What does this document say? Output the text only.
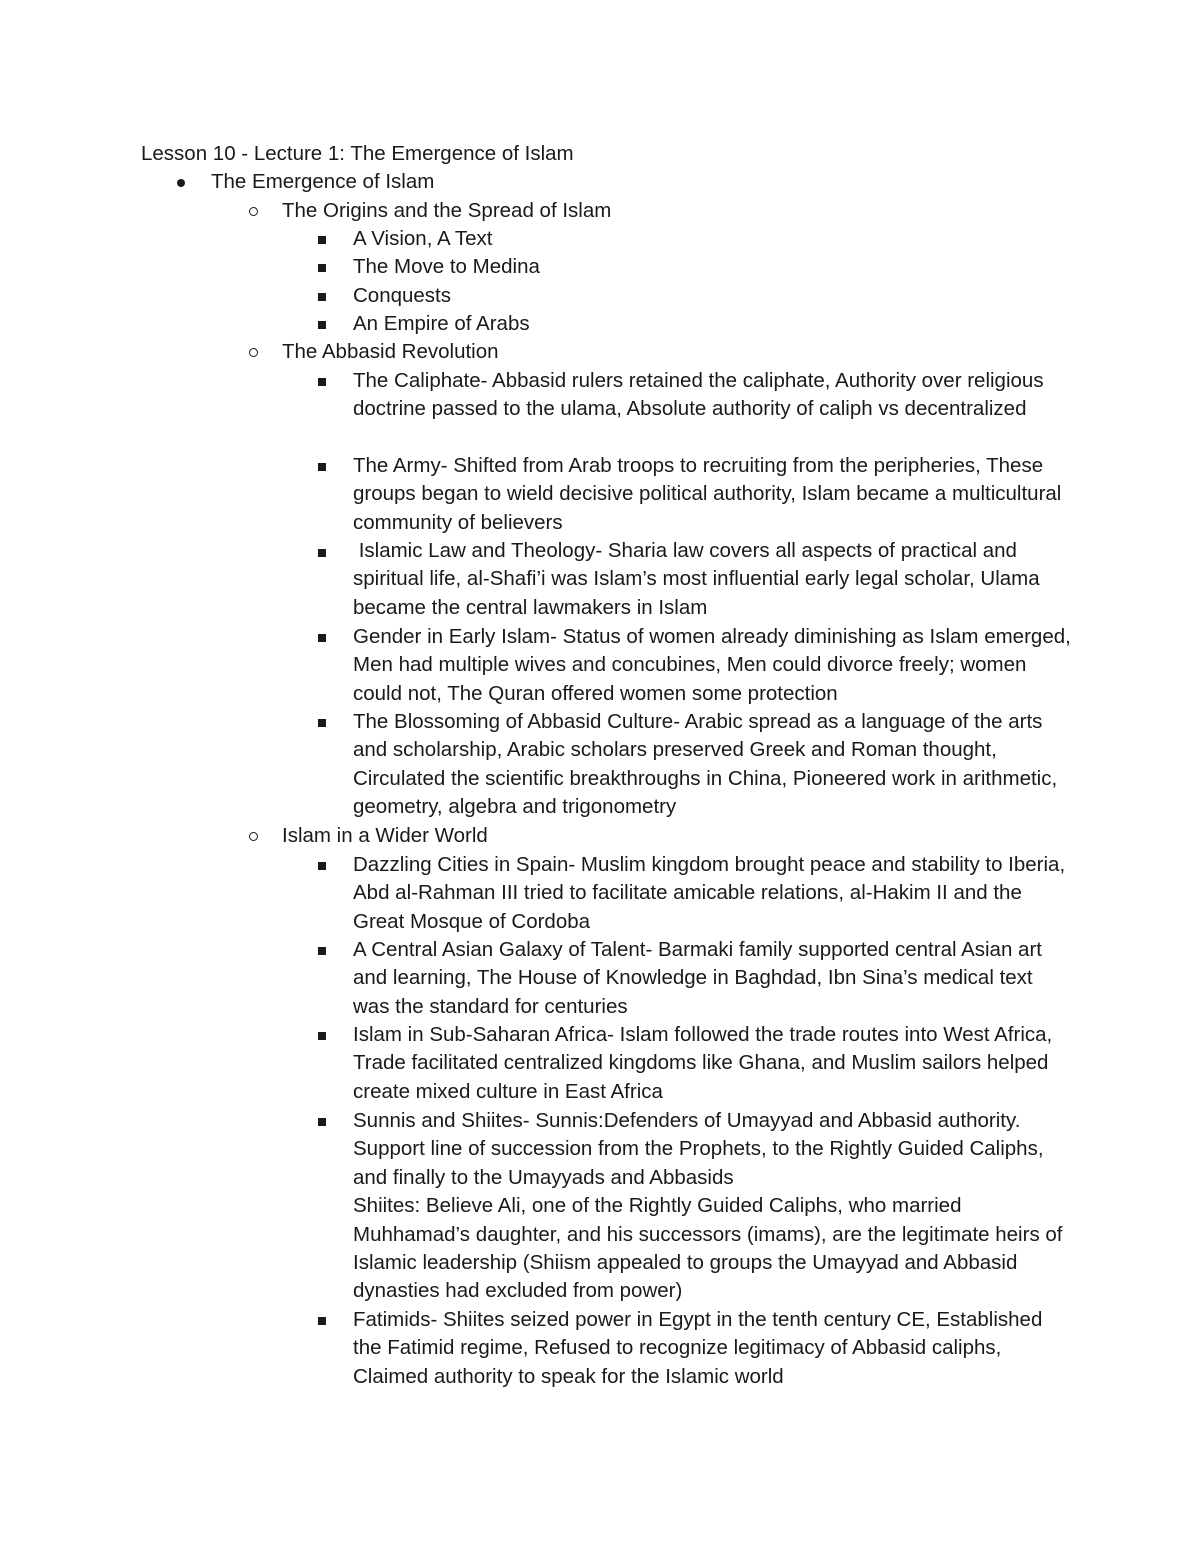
Lesson 10 - Lecture 1: The Emergence of Islam
The Emergence of Islam
The Origins and the Spread of Islam
A Vision, A Text
The Move to Medina
Conquests
An Empire of Arabs
The Abbasid Revolution
The Caliphate- Abbasid rulers retained the caliphate, Authority over religious doctrine passed to the ulama, Absolute authority of caliph vs decentralized
The Army- Shifted from Arab troops to recruiting from the peripheries, These groups began to wield decisive political authority, Islam became a multicultural community of believers
Islamic Law and Theology- Sharia law covers all aspects of practical and spiritual life, al-Shafi’i was Islam’s most influential early legal scholar, Ulama became the central lawmakers in Islam
Gender in Early Islam- Status of women already diminishing as Islam emerged, Men had multiple wives and concubines, Men could divorce freely; women could not, The Quran offered women some protection
The Blossoming of Abbasid Culture- Arabic spread as a language of the arts and scholarship, Arabic scholars preserved Greek and Roman thought, Circulated the scientific breakthroughs in China, Pioneered work in arithmetic, geometry, algebra and trigonometry
Islam in a Wider World
Dazzling Cities in Spain- Muslim kingdom brought peace and stability to Iberia, Abd al-Rahman III tried to facilitate amicable relations, al-Hakim II and the Great Mosque of Cordoba
A Central Asian Galaxy of Talent- Barmaki family supported central Asian art and learning, The House of Knowledge in Baghdad, Ibn Sina’s medical text was the standard for centuries
Islam in Sub-Saharan Africa- Islam followed the trade routes into West Africa, Trade facilitated centralized kingdoms like Ghana, and Muslim sailors helped create mixed culture in East Africa

Sunnis and Shiites- Sunnis:Defenders of Umayyad and Abbasid authority. Support line of succession from the Prophets, to the Rightly Guided Caliphs, and finally to the Umayyads and Abbasids

Shiites: Believe Ali, one of the Rightly Guided Caliphs, who married Muhhamad’s daughter, and his successors (imams), are the legitimate heirs of Islamic leadership (Shiism appealed to groups the Umayyad and Abbasid dynasties had excluded from power)

Fatimids- Shiites seized power in Egypt in the tenth century CE, Established the Fatimid regime, Refused to recognize legitimacy of Abbasid caliphs, Claimed authority to speak for the Islamic world
